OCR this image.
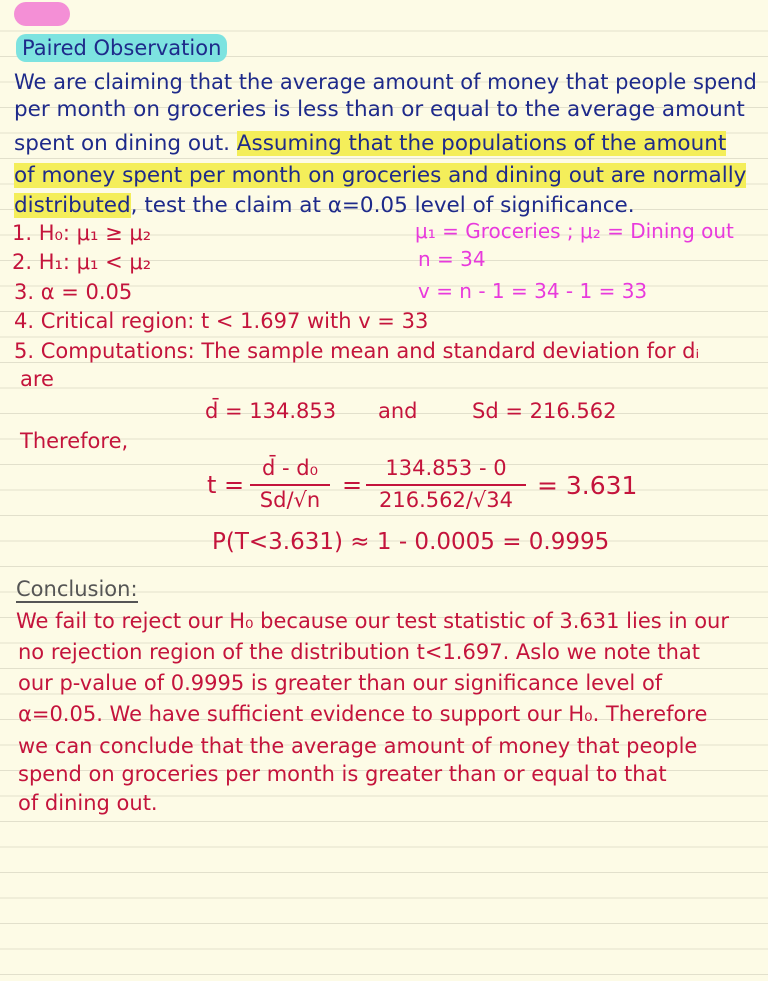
Paired Observation
We are claiming that the average amount of money that people spend
per month on groceries is less than or equal to the average amount
spent on dining out. Assuming that the populations of the amount
of money spent per month on groceries and dining out are normally
distributed, test the claim at α=0.05 level of significance.
1. H₀: μ₁ ≥ μ₂
2. H₁: μ₁ < μ₂
3. α = 0.05
4. Critical region: t < 1.697 with v = 33
5. Computations: The sample mean and standard deviation for dᵢ
are
μ₁ = Groceries ; μ₂ = Dining out
n = 34
v = n - 1 = 34 - 1 = 33
d̄ = 134.853 and	Sd = 216.562
Therefore,
t =
d̄ - d₀
Sd/√n
=
134.853 - 0
216.562/√34 = 3.631
P(T<3.631) ≈ 1 - 0.0005 = 0.9995
Conclusion:
We fail to reject our H₀ because our test statistic of 3.631 lies in our
no rejection region of the distribution t<1.697. Aslo we note that
our p-value of 0.9995 is greater than our significance level of
α=0.05. We have sufficient evidence to support our H₀. Therefore
we can conclude that the average amount of money that people
spend on groceries per month is greater than or equal to that
of dining out.
